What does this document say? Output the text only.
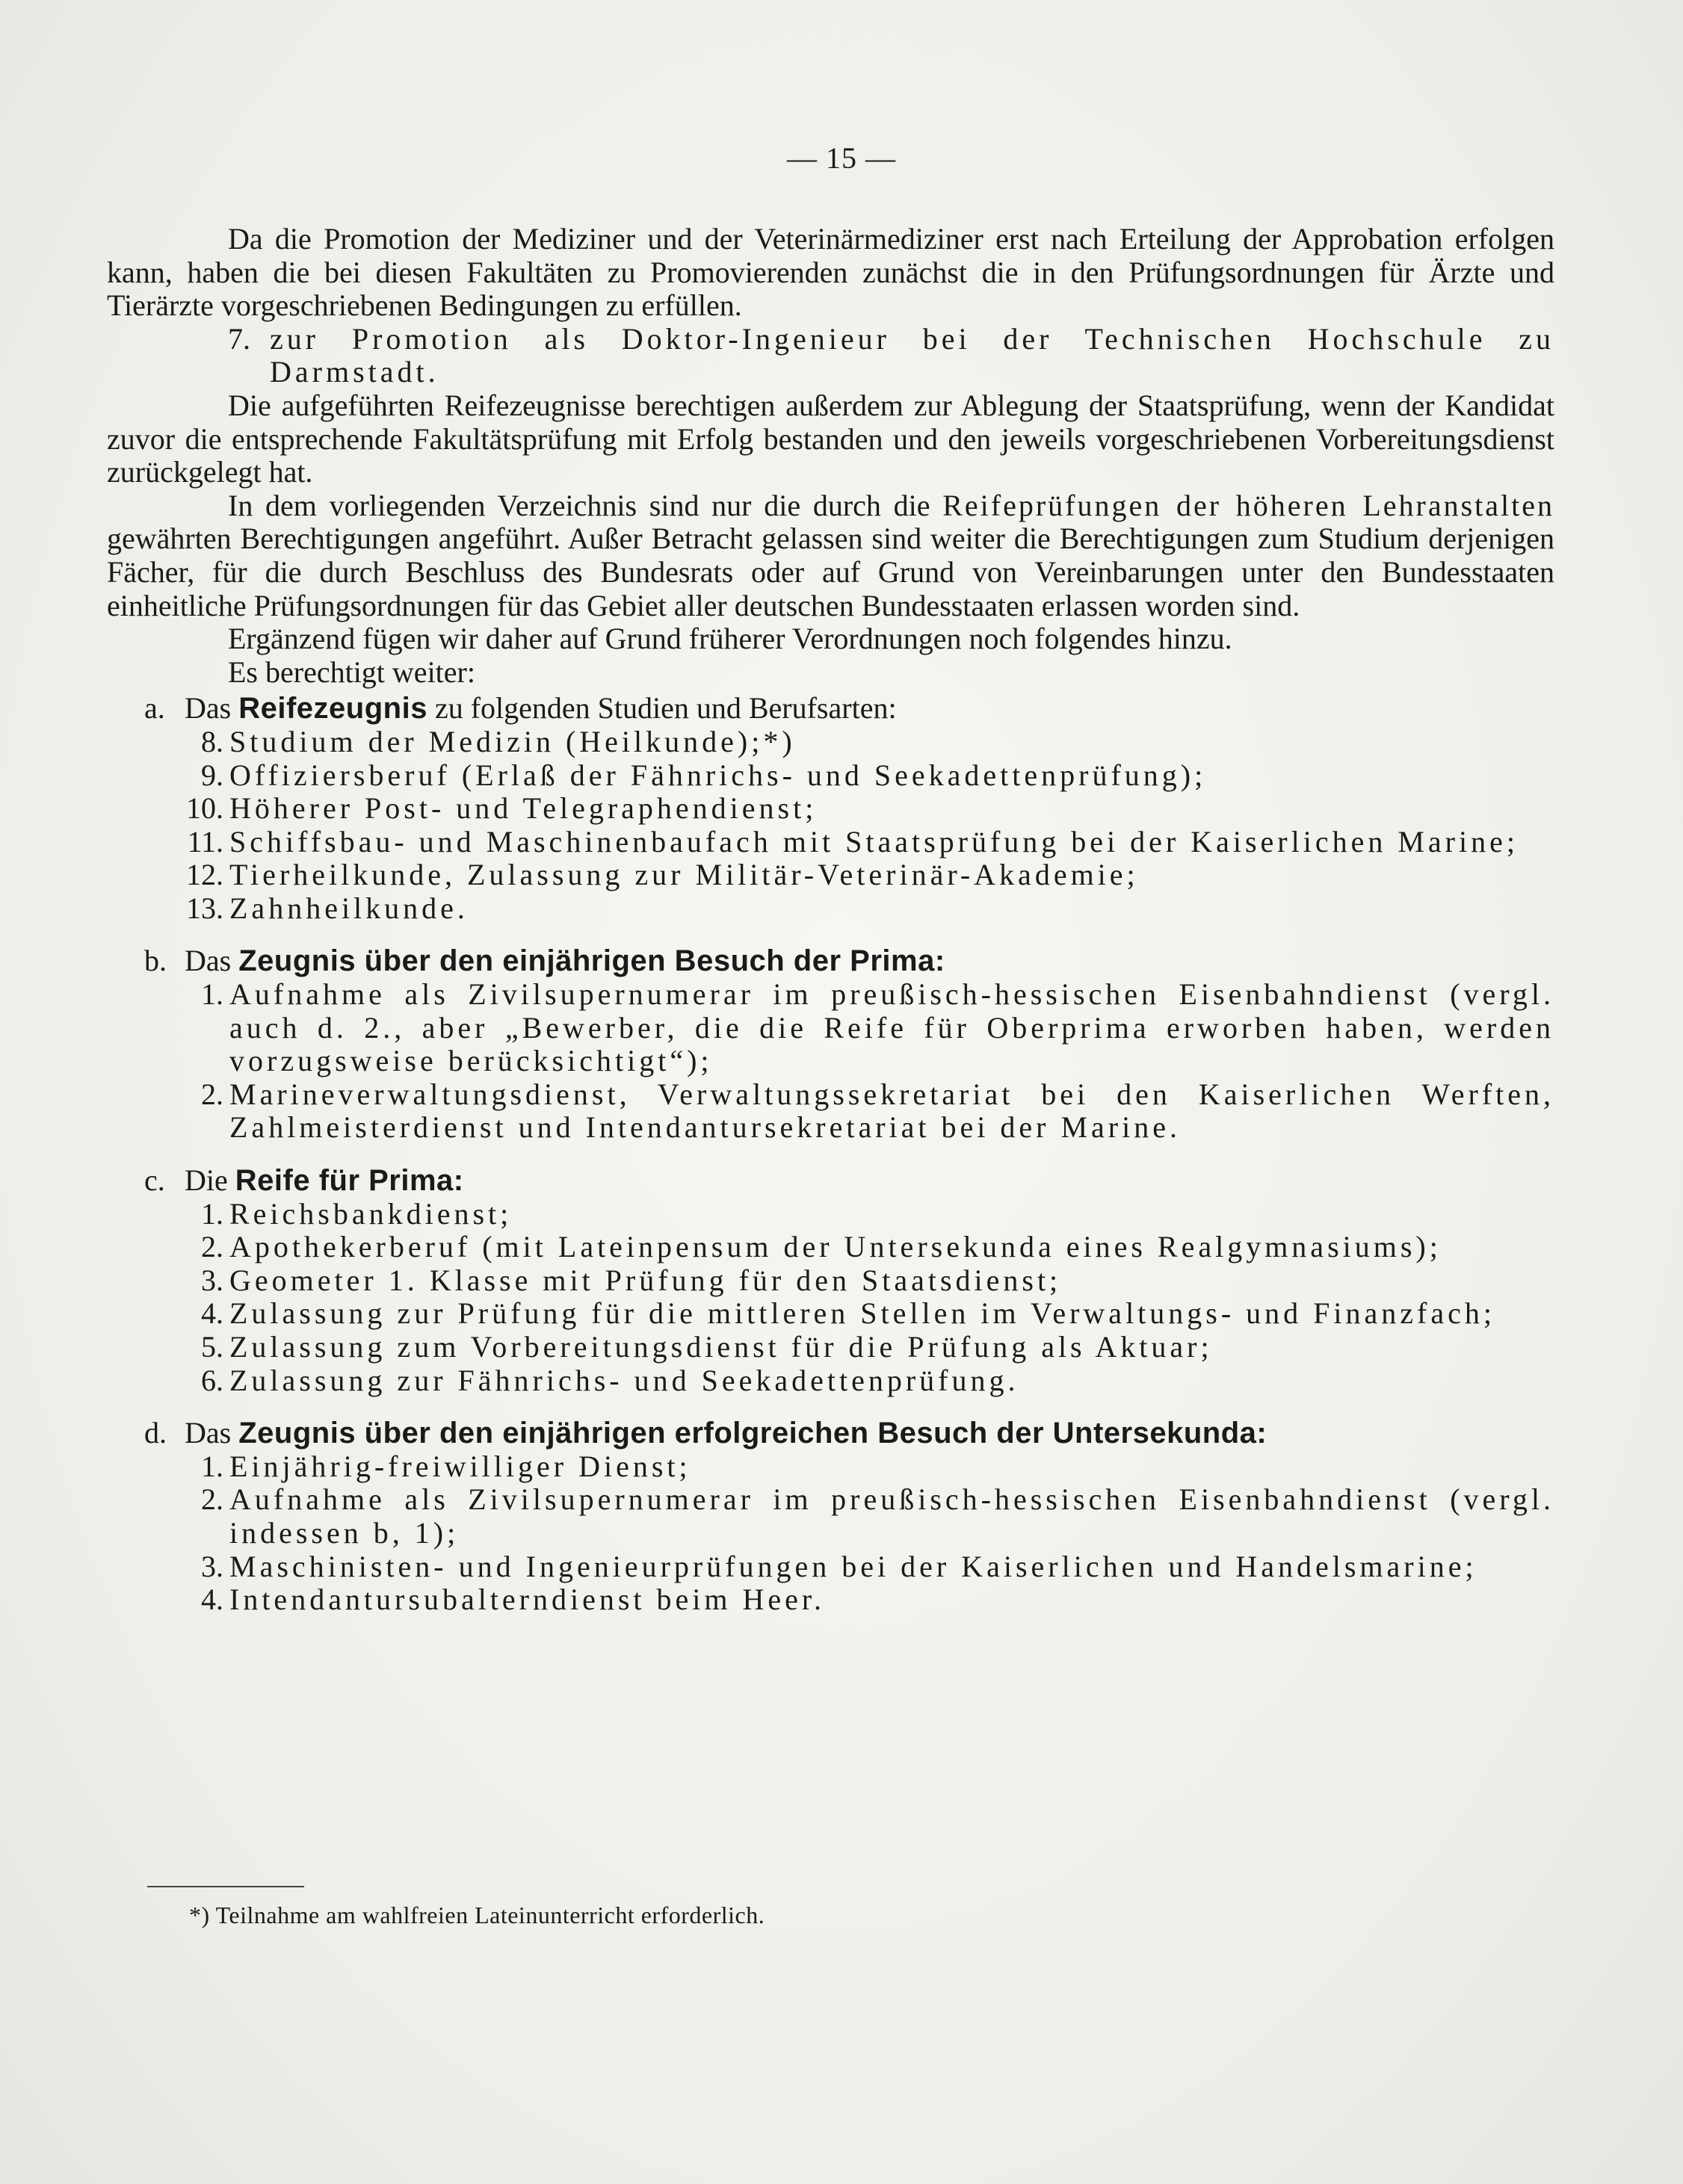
— 15 —
Da die Promotion der Mediziner und der Veterinärmediziner erst nach Erteilung der Approbation erfolgen kann, haben die bei diesen Fakultäten zu Promovierenden zunächst die in den Prüfungsordnungen für Ärzte und Tierärzte vorgeschriebenen Bedingungen zu erfüllen.
7. zur Promotion als Doktor-Ingenieur bei der Technischen Hochschule zu Darmstadt.
Die aufgeführten Reifezeugnisse berechtigen außerdem zur Ablegung der Staatsprüfung, wenn der Kandidat zuvor die entsprechende Fakultätsprüfung mit Erfolg bestanden und den jeweils vorgeschriebenen Vorbereitungsdienst zurückgelegt hat.
In dem vorliegenden Verzeichnis sind nur die durch die Reifeprüfungen der höheren Lehranstalten gewährten Berechtigungen angeführt. Außer Betracht gelassen sind weiter die Berechtigungen zum Studium derjenigen Fächer, für die durch Beschluss des Bundesrats oder auf Grund von Vereinbarungen unter den Bundesstaaten einheitliche Prüfungsordnungen für das Gebiet aller deutschen Bundesstaaten erlassen worden sind.
Ergänzend fügen wir daher auf Grund früherer Verordnungen noch folgendes hinzu.
Es berechtigt weiter:
a. Das Reifezeugnis zu folgenden Studien und Berufsarten:
8. Studium der Medizin (Heilkunde);*)
9. Offiziersberuf (Erlaß der Fähnrichs- und Seekadettenprüfung);
10. Höherer Post- und Telegraphendienst;
11. Schiffsbau- und Maschinenbaufach mit Staatsprüfung bei der Kaiserlichen Marine;
12. Tierheilkunde, Zulassung zur Militär-Veterinär-Akademie;
13. Zahnheilkunde.
b. Das Zeugnis über den einjährigen Besuch der Prima:
1. Aufnahme als Zivilsupernumerar im preußisch-hessischen Eisenbahndienst (vergl. auch d. 2., aber „Bewerber, die die Reife für Oberprima erworben haben, werden vorzugsweise berücksichtigt“);
2. Marineverwaltungsdienst, Verwaltungssekretariat bei den Kaiserlichen Werften, Zahlmeisterdienst und Intendantursekretariat bei der Marine.
c. Die Reife für Prima:
1. Reichsbankdienst;
2. Apothekerberuf (mit Lateinpensum der Untersekunda eines Realgymnasiums);
3. Geometer 1. Klasse mit Prüfung für den Staatsdienst;
4. Zulassung zur Prüfung für die mittleren Stellen im Verwaltungs- und Finanzfach;
5. Zulassung zum Vorbereitungsdienst für die Prüfung als Aktuar;
6. Zulassung zur Fähnrichs- und Seekadettenprüfung.
d. Das Zeugnis über den einjährigen erfolgreichen Besuch der Untersekunda:
1. Einjährig-freiwilliger Dienst;
2. Aufnahme als Zivilsupernumerar im preußisch-hessischen Eisenbahndienst (vergl. indessen b, 1);
3. Maschinisten- und Ingenieurprüfungen bei der Kaiserlichen und Handelsmarine;
4. Intendantursubalterndienst beim Heer.
*) Teilnahme am wahlfreien Lateinunterricht erforderlich.
